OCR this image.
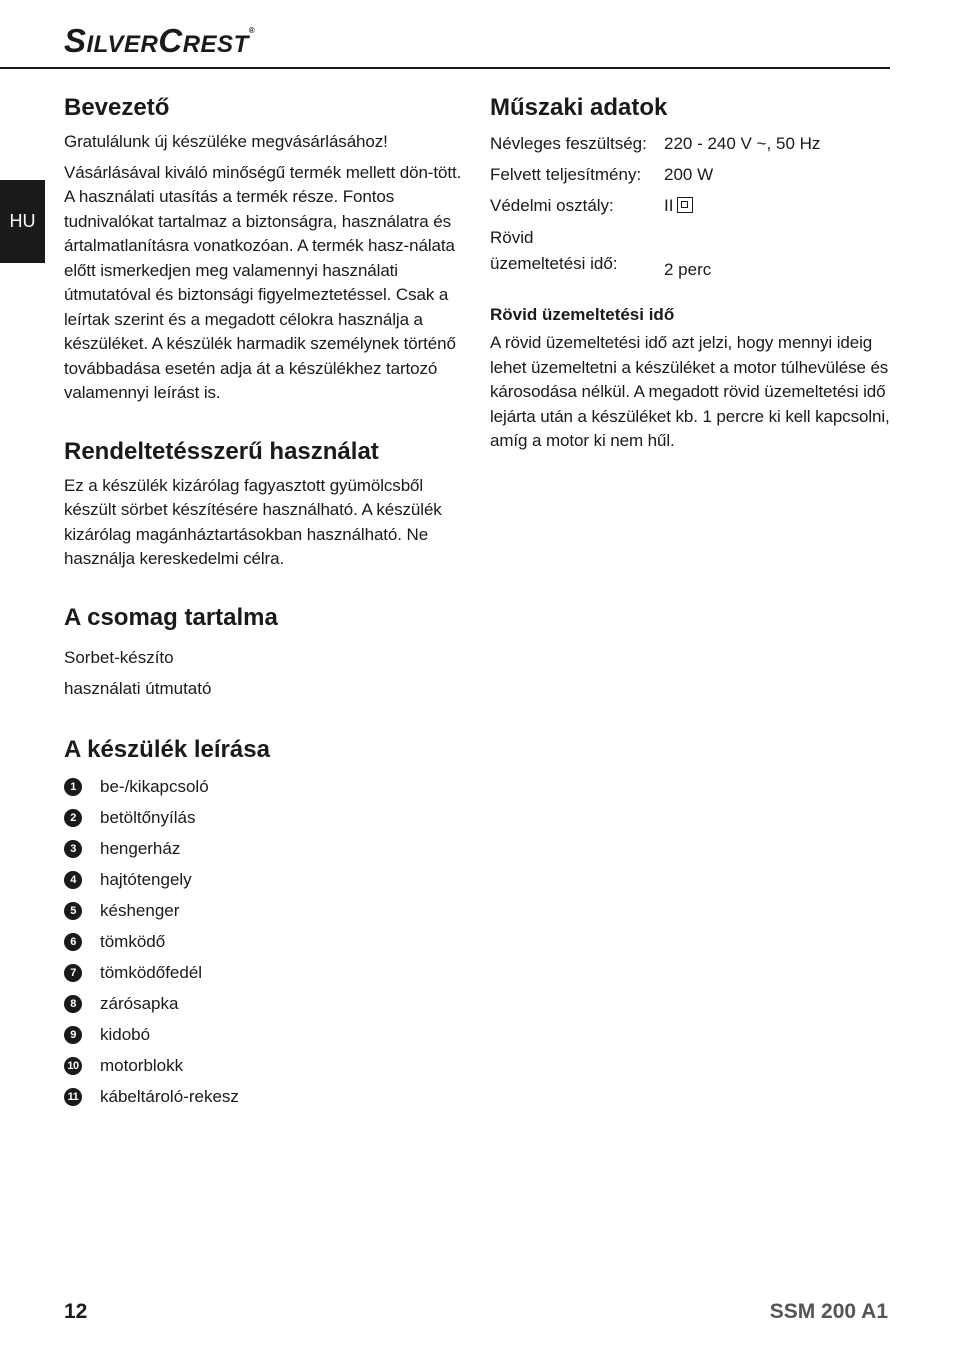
SILVERCREST®
HU
Bevezető

Gratulálunk új készüléke megvásárlásához!

Vásárlásával kiváló minőségű termék mellett dön-tött. A használati utasítás a termék része. Fontos tudnivalókat tartalmaz a biztonságra, használatra és ártalmatlanításra vonatkozóan. A termék hasz-nálata előtt ismerkedjen meg valamennyi használati útmutatóval és biztonsági figyelmeztetéssel. Csak a leírtak szerint és a megadott célokra használja a készüléket. A készülék harmadik személynek történő továbbadása esetén adja át a készülékhez tartozó valamennyi leírást is.

Rendeltetésszerű használat

Ez a készülék kizárólag fagyasztott gyümölcsből készült sörbet készítésére használható. A készülék kizárólag magánháztartásokban használható. Ne használja kereskedelmi célra.

A csomag tartalma
Sorbet-készíto
használati útmutató
A készülék leírása
1	be-/kikapcsoló
2	betöltőnyílás
3	hengerház
4	hajtótengely
5	késhenger
6	tömködő
7	tömködőfedél
8	zárósapka
9	kidobó
10 motorblokk
11 kábeltároló-rekesz
Műszaki adatok
Névleges feszültség:	220 - 240 V ~, 50 Hz
Felvett teljesítmény:	200 W
Védelmi osztály:	II
Rövid
üzemeltetési idő:	2 perc
Rövid üzemeltetési idő

A rövid üzemeltetési idő azt jelzi, hogy mennyi ideig lehet üzemeltetni a készüléket a motor túlhevülése és károsodása nélkül. A megadott rövid üzemeltetési idő lejárta után a készüléket kb. 1 percre ki kell kapcsolni, amíg a motor ki nem hűl.

12	SSM 200 A1
